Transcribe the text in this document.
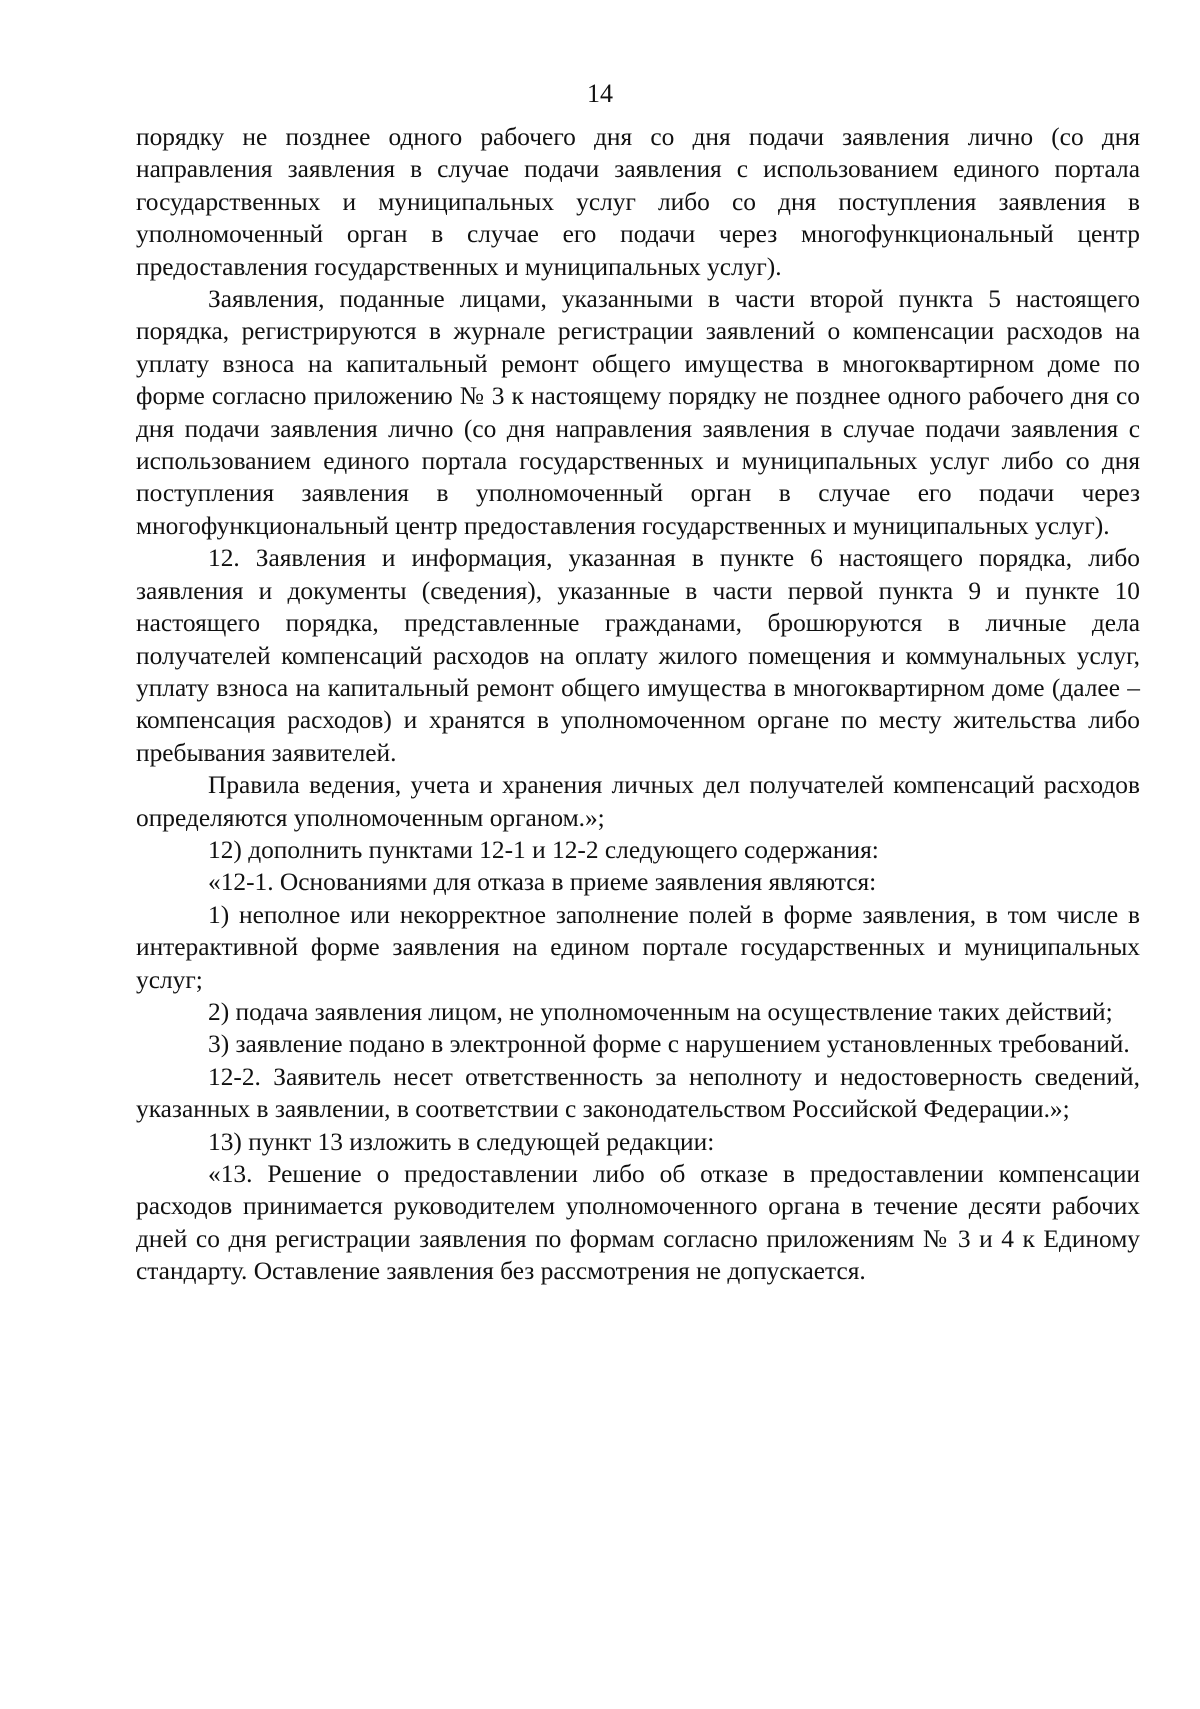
14

порядку не позднее одного рабочего дня со дня подачи заявления лично (со дня направления заявления в случае подачи заявления с использованием единого портала государственных и муниципальных услуг либо со дня поступления заявления в уполномоченный орган в случае его подачи через многофункциональный центр предоставления государственных и муниципальных услуг).

Заявления, поданные лицами, указанными в части второй пункта 5 настоящего порядка, регистрируются в журнале регистрации заявлений о компенсации расходов на уплату взноса на капитальный ремонт общего имущества в многоквартирном доме по форме согласно приложению № 3 к настоящему порядку не позднее одного рабочего дня со дня подачи заявления лично (со дня направления заявления в случае подачи заявления с использованием единого портала государственных и муниципальных услуг либо со дня поступления заявления в уполномоченный орган в случае его подачи через многофункциональный центр предоставления государственных и муниципальных услуг).

12. Заявления и информация, указанная в пункте 6 настоящего порядка, либо заявления и документы (сведения), указанные в части первой пункта 9 и пункте 10 настоящего порядка, представленные гражданами, брошюруются в личные дела получателей компенсаций расходов на оплату жилого помещения и коммунальных услуг, уплату взноса на капитальный ремонт общего имущества в многоквартирном доме (далее – компенсация расходов) и хранятся в уполномоченном органе по месту жительства либо пребывания заявителей.

Правила ведения, учета и хранения личных дел получателей компенсаций расходов определяются уполномоченным органом.»;

12) дополнить пунктами 12-1 и 12-2 следующего содержания:

«12-1. Основаниями для отказа в приеме заявления являются:

1) неполное или некорректное заполнение полей в форме заявления, в том числе в интерактивной форме заявления на едином портале государственных и муниципальных услуг;

2) подача заявления лицом, не уполномоченным на осуществление таких действий;

3) заявление подано в электронной форме с нарушением установленных требований.

12-2. Заявитель несет ответственность за неполноту и недостоверность сведений, указанных в заявлении, в соответствии с законодательством Российской Федерации.»;

13) пункт 13 изложить в следующей редакции:

«13. Решение о предоставлении либо об отказе в предоставлении компенсации расходов принимается руководителем уполномоченного органа в течение десяти рабочих дней со дня регистрации заявления по формам согласно приложениям № 3 и 4 к Единому стандарту. Оставление заявления без рассмотрения не допускается.
